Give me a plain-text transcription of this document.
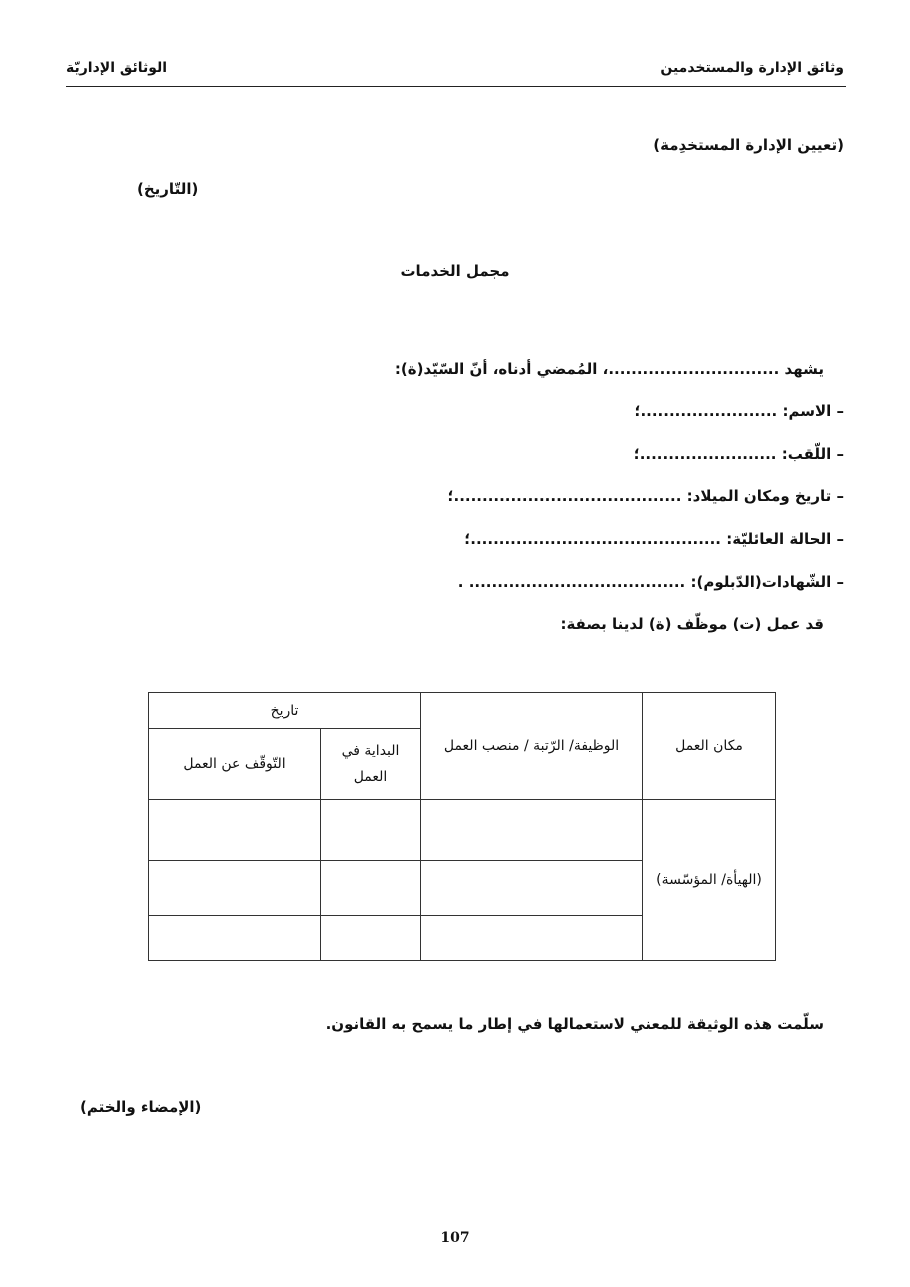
وثائق الإدارة والمستخدمين
الوثائق الإداريّة
(تعيين الإدارة المستخدِمة)
(التّاريخ)
مجمل الخدمات
يشهد ..............................، المُمضي أدناه، أنّ السّيّد(ة):
– الاسم: ........................؛
– اللّقب: ........................؛
– تاريخ ومكان الميلاد: ........................................؛
– الحالة العائليّة: ............................................؛
– الشّهادات(الدّبلوم): ...................................... .
قد عمل (ت) موظّف (ة) لدينا بصفة:
مكان العمل	الوظيفة/ الرّتبة / منصب العمل	تاريخ	
		البداية في العمل	التّوقّف عن العمل
(الهيأة/ المؤسّسة)			

سلّمت هذه الوثيقة للمعني لاستعمالها في إطار ما يسمح به القانون.
(الإمضاء والختم)
107
